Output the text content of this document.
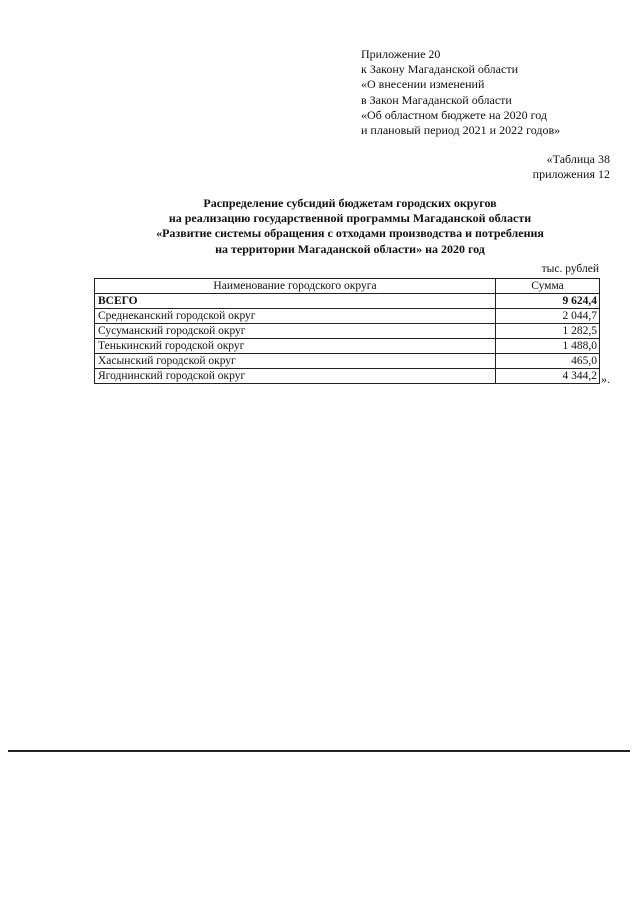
Приложение 20
к Закону Магаданской области
«О внесении изменений
в Закон Магаданской области
«Об областном бюджете на 2020 год
и плановый период 2021 и 2022 годов»
«Таблица 38
приложения 12
Распределение субсидий бюджетам городских округов
на реализацию государственной программы Магаданской области
«Развитие системы обращения с отходами производства и потребления
на территории Магаданской области» на 2020 год
тыс. рублей
Наименование городского округа	Сумма
ВСЕГО	9 624,4
Среднеканский городской округ	2 044,7
Сусуманский городской округ	1 282,5
Тенькинский городской округ	1 488,0
Хасынский городской округ	465,0
Ягоднинский городской округ	4 344,2 ».
